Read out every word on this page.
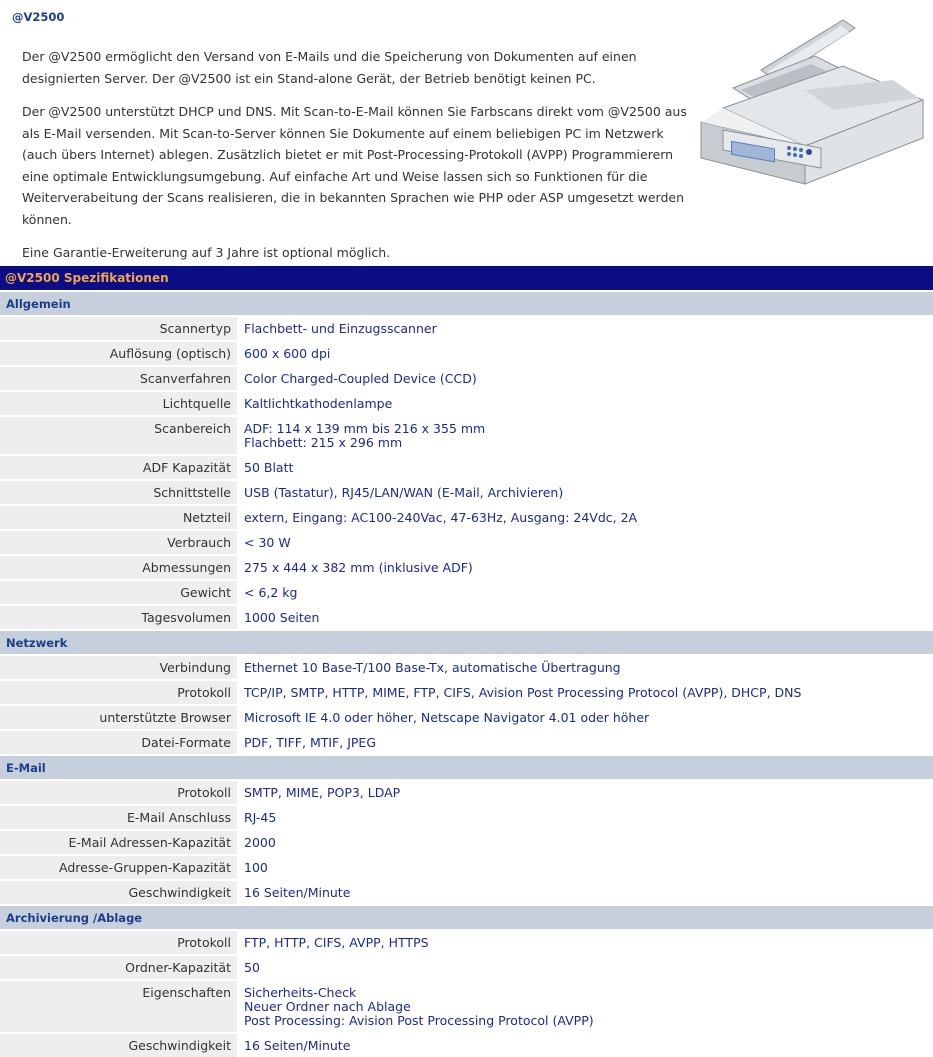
@V2500

Der @V2500 ermöglicht den Versand von E-Mails und die Speicherung von Dokumenten auf einen designierten Server. Der @V2500 ist ein Stand-alone Gerät, der Betrieb benötigt keinen PC.

Der @V2500 unterstützt DHCP und DNS. Mit Scan-to-E-Mail können Sie Farbscans direkt vom @V2500 aus als E-Mail versenden. Mit Scan-to-Server können Sie Dokumente auf einem beliebigen PC im Netzwerk (auch übers Internet) ablegen. Zusätzlich bietet er mit Post-Processing-Protokoll (AVPP) Programmierern eine optimale Entwicklungsumgebung. Auf einfache Art und Weise lassen sich so Funktionen für die Weiterverabeitung der Scans realisieren, die in bekannten Sprachen wie PHP oder ASP umgesetzt werden können.

Eine Garantie-Erweiterung auf 3 Jahre ist optional möglich.

@V2500 Spezifikationen	
Allgemein	
Scannertyp	Flachbett- und Einzugsscanner
Auflösung (optisch)	600 x 600 dpi
Scanverfahren	Color Charged-Coupled Device (CCD)
Lichtquelle	Kaltlichtkathodenlampe
Scanbereich	ADF: 114 x 139 mm bis 216 x 355 mm
Flachbett: 215 x 296 mm

ADF Kapazität	50 Blatt
Schnittstelle	USB (Tastatur), RJ45/LAN/WAN (E-Mail, Archivieren)
Netzteil	extern, Eingang: AC100-240Vac, 47-63Hz, Ausgang: 24Vdc, 2A
Verbrauch	< 30 W
Abmessungen	275 x 444 x 382 mm (inklusive ADF)
Gewicht	< 6,2 kg
Tagesvolumen	1000 Seiten
Netzwerk	
Verbindung	Ethernet 10 Base-T/100 Base-Tx, automatische Übertragung
Protokoll	TCP/IP, SMTP, HTTP, MIME, FTP, CIFS, Avision Post Processing Protocol (AVPP), DHCP, DNS
unterstützte Browser	Microsoft IE 4.0 oder höher, Netscape Navigator 4.01 oder höher
Datei-Formate	PDF, TIFF, MTIF, JPEG
E-Mail	
Protokoll	SMTP, MIME, POP3, LDAP
E-Mail Anschluss	RJ-45
E-Mail Adressen-Kapazität	2000
Adresse-Gruppen-Kapazität	100
Geschwindigkeit	16 Seiten/Minute
Archivierung /Ablage	
Protokoll	FTP, HTTP, CIFS, AVPP, HTTPS
Ordner-Kapazität	50
Eigenschaften	Sicherheits-Check
Neuer Ordner nach Ablage
Post Processing: Avision Post Processing Protocol (AVPP)

Geschwindigkeit	16 Seiten/Minute
